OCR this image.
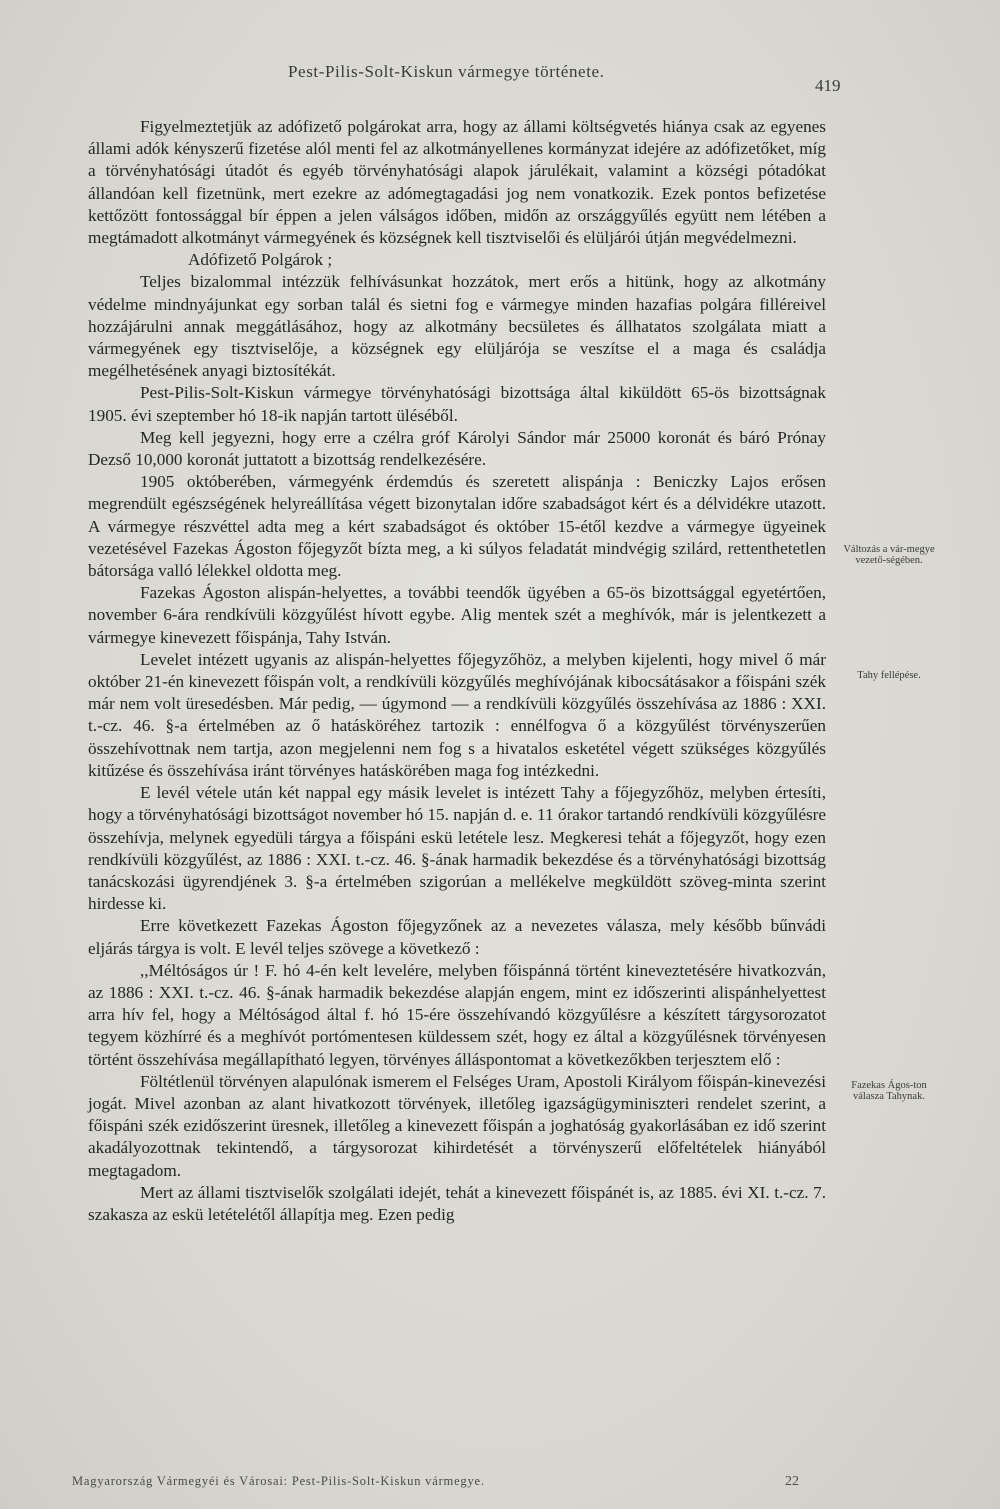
Pest-Pilis-Solt-Kiskun vármegye története.
419

Figyelmeztetjük az adófizető polgárokat arra, hogy az állami költségvetés hiánya csak az egyenes állami adók kényszerű fizetése alól menti fel az alkotmányellenes kormányzat idejére az adófizetőket, míg a törvényhatósági útadót és egyéb törvényhatósági alapok járulékait, valamint a községi pótadókat állandóan kell fizetnünk, mert ezekre az adómegtagadási jog nem vonatkozik. Ezek pontos befizetése kettőzött fontossággal bír éppen a jelen válságos időben, midőn az országgyűlés együtt nem létében a megtámadott alkotmányt vármegyének és községnek kell tisztviselői és elüljárói útján megvédelmezni.

Adófizető Polgárok ;

Teljes bizalommal intézzük felhívásunkat hozzátok, mert erős a hitünk, hogy az alkotmány védelme mindnyájunkat egy sorban talál és sietni fog e vármegye minden hazafias polgára filléreivel hozzájárulni annak meggátlásához, hogy az alkotmány becsületes és állhatatos szolgálata miatt a vármegyének egy tisztviselője, a községnek egy elüljárója se veszítse el a maga és családja megélhetésének anyagi biztosítékát.

Pest-Pilis-Solt-Kiskun vármegye törvényhatósági bizottsága által kiküldött 65-ös bizottságnak 1905. évi szeptember hó 18-ik napján tartott üléséből.

Meg kell jegyezni, hogy erre a czélra gróf Károlyi Sándor már 25000 koronát és báró Prónay Dezső 10,000 koronát juttatott a bizottság rendelkezésére.

1905 októberében, vármegyénk érdemdús és szeretett alispánja : Beniczky Lajos erősen megrendült egészségének helyreállítása végett bizonytalan időre szabadságot kért és a délvidékre utazott. A vármegye részvéttel adta meg a kért szabadságot és október 15-étől kezdve a vármegye ügyeinek vezetésével Fazekas Ágoston főjegyzőt bízta meg, a ki súlyos feladatát mindvégig szilárd, rettenthetetlen bátorsága valló lélekkel oldotta meg.

Fazekas Ágoston alispán-helyettes, a további teendők ügyében a 65-ös bizottsággal egyetértően, november 6-ára rendkívüli közgyűlést hívott egybe. Alig mentek szét a meghívók, már is jelentkezett a vármegye kinevezett főispánja, Tahy István.

Levelet intézett ugyanis az alispán-helyettes főjegyzőhöz, a melyben kijelenti, hogy mivel ő már október 21-én kinevezett főispán volt, a rendkívüli közgyűlés meghívójának kibocsátásakor a főispáni szék már nem volt üresedésben. Már pedig, — úgymond — a rendkívüli közgyűlés összehívása az 1886 : XXI. t.-cz. 46. §-a értelmében az ő hatásköréhez tartozik : ennélfogva ő a közgyűlést törvényszerűen összehívottnak nem tartja, azon megjelenni nem fog s a hivatalos esketétel végett szükséges közgyűlés kitűzése és összehívása iránt törvényes hatáskörében maga fog intézkedni.

E levél vétele után két nappal egy másik levelet is intézett Tahy a főjegyzőhöz, melyben értesíti, hogy a törvényhatósági bizottságot november hó 15. napján d. e. 11 órakor tartandó rendkívüli közgyűlésre összehívja, melynek egyedüli tárgya a főispáni eskü letétele lesz. Megkeresi tehát a főjegyzőt, hogy ezen rendkívüli közgyűlést, az 1886 : XXI. t.-cz. 46. §-ának harmadik bekezdése és a törvényhatósági bizottság tanácskozási ügyrendjének 3. §-a értelmében szigorúan a mellékelve megküldött szöveg-minta szerint hirdesse ki.

Erre következett Fazekas Ágoston főjegyzőnek az a nevezetes válasza, mely később bűnvádi eljárás tárgya is volt. E levél teljes szövege a következő :

,,Méltóságos úr ! F. hó 4-én kelt levelére, melyben főispánná történt kineveztetésére hivatkozván, az 1886 : XXI. t.-cz. 46. §-ának harmadik bekezdése alapján engem, mint ez időszerinti alispánhelyettest arra hív fel, hogy a Méltóságod által f. hó 15-ére összehívandó közgyűlésre a készített tárgysorozatot tegyem közhírré és a meghívót portómentesen küldessem szét, hogy ez által a közgyűlésnek törvényesen történt összehívása megállapítható legyen, törvényes álláspontomat a következőkben terjesztem elő :

Föltétlenül törvényen alapulónak ismerem el Felséges Uram, Apostoli Királyom főispán-kinevezési jogát. Mivel azonban az alant hivatkozott törvények, illetőleg igazságügyminiszteri rendelet szerint, a főispáni szék ezidőszerint üresnek, illetőleg a kinevezett főispán a joghatóság gyakorlásában ez idő szerint akadályozottnak tekintendő, a tárgysorozat kihirdetését a törvényszerű előfeltételek hiányából megtagadom.

Mert az állami tisztviselők szolgálati idejét, tehát a kinevezett főispánét is, az 1885. évi XI. t.-cz. 7. szakasza az eskü letételétől állapítja meg. Ezen pedig

Változás a vár-megye vezető-ségében.
Tahy fellépése.
Fazekas Ágos-ton válasza Tahynak.
Magyarország Vármegyéi és Városai: Pest-Pilis-Solt-Kiskun vármegye.	22
